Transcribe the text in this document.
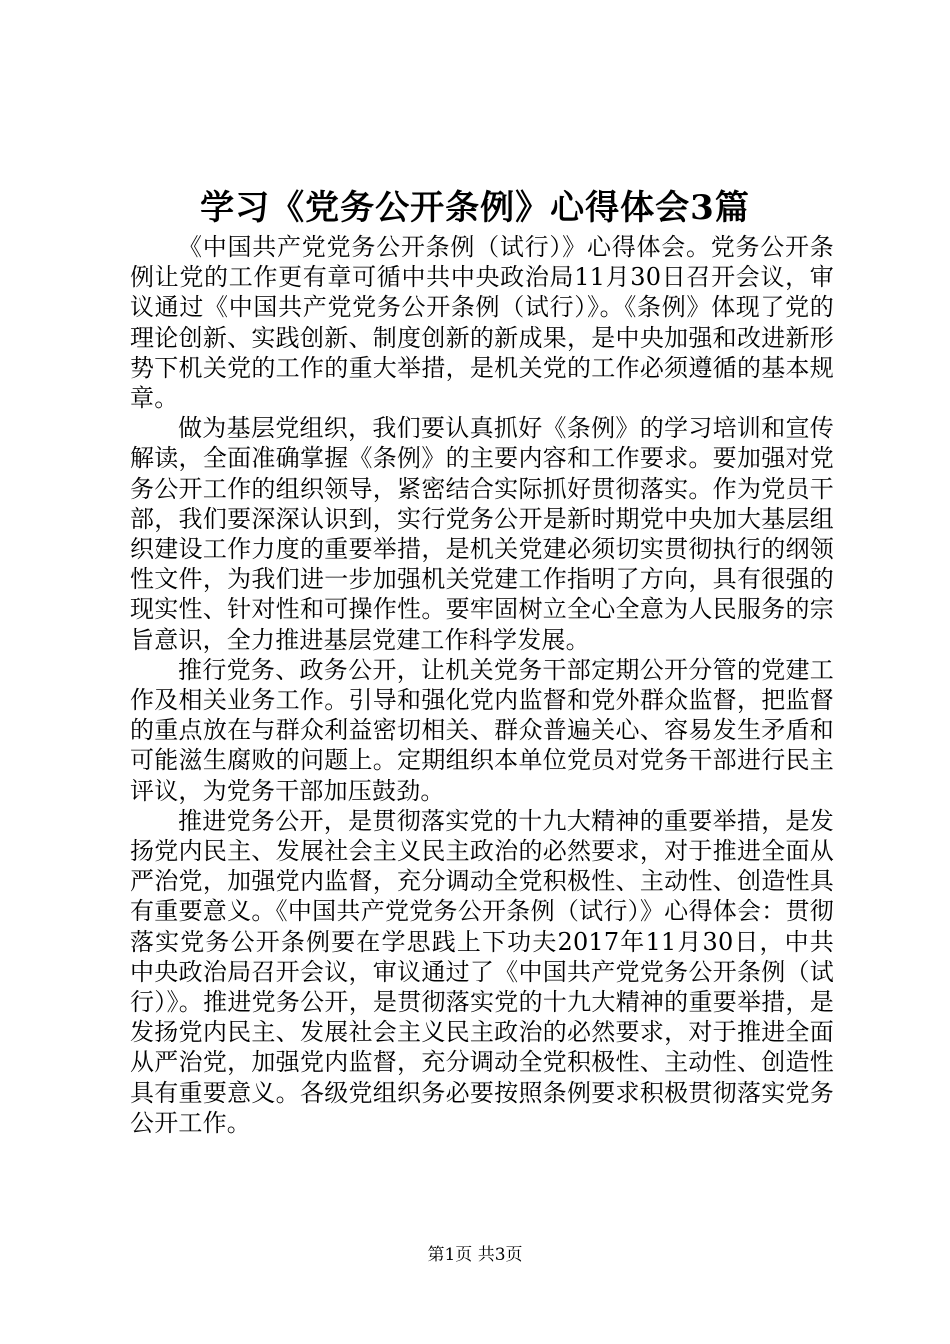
学习《党务公开条例》心得体会3篇

《中国共产党党务公开条例（试行）》心得体会。党务公开条例让党的工作更有章可循中共中央政治局11月30日召开会议，审议通过《中国共产党党务公开条例（试行）》。《条例》体现了党的理论创新、实践创新、制度创新的新成果，是中央加强和改进新形势下机关党的工作的重大举措，是机关党的工作必须遵循的基本规章。

做为基层党组织，我们要认真抓好《条例》的学习培训和宣传解读，全面准确掌握《条例》的主要内容和工作要求。要加强对党务公开工作的组织领导，紧密结合实际抓好贯彻落实。作为党员干部，我们要深深认识到，实行党务公开是新时期党中央加大基层组织建设工作力度的重要举措，是机关党建必须切实贯彻执行的纲领性文件，为我们进一步加强机关党建工作指明了方向，具有很强的现实性、针对性和可操作性。要牢固树立全心全意为人民服务的宗旨意识，全力推进基层党建工作科学发展。

推行党务、政务公开，让机关党务干部定期公开分管的党建工作及相关业务工作。引导和强化党内监督和党外群众监督，把监督的重点放在与群众利益密切相关、群众普遍关心、容易发生矛盾和可能滋生腐败的问题上。定期组织本单位党员对党务干部进行民主评议，为党务干部加压鼓劲。

推进党务公开，是贯彻落实党的十九大精神的重要举措，是发扬党内民主、发展社会主义民主政治的必然要求，对于推进全面从严治党，加强党内监督，充分调动全党积极性、主动性、创造性具有重要意义。《中国共产党党务公开条例（试行）》心得体会：贯彻落实党务公开条例要在学思践上下功夫2017年11月30日，中共中央政治局召开会议，审议通过了《中国共产党党务公开条例（试行）》。推进党务公开，是贯彻落实党的十九大精神的重要举措，是发扬党内民主、发展社会主义民主政治的必然要求，对于推进全面从严治党，加强党内监督，充分调动全党积极性、主动性、创造性具有重要意义。各级党组织务必要按照条例要求积极贯彻落实党务公开工作。

第1页 共3页
